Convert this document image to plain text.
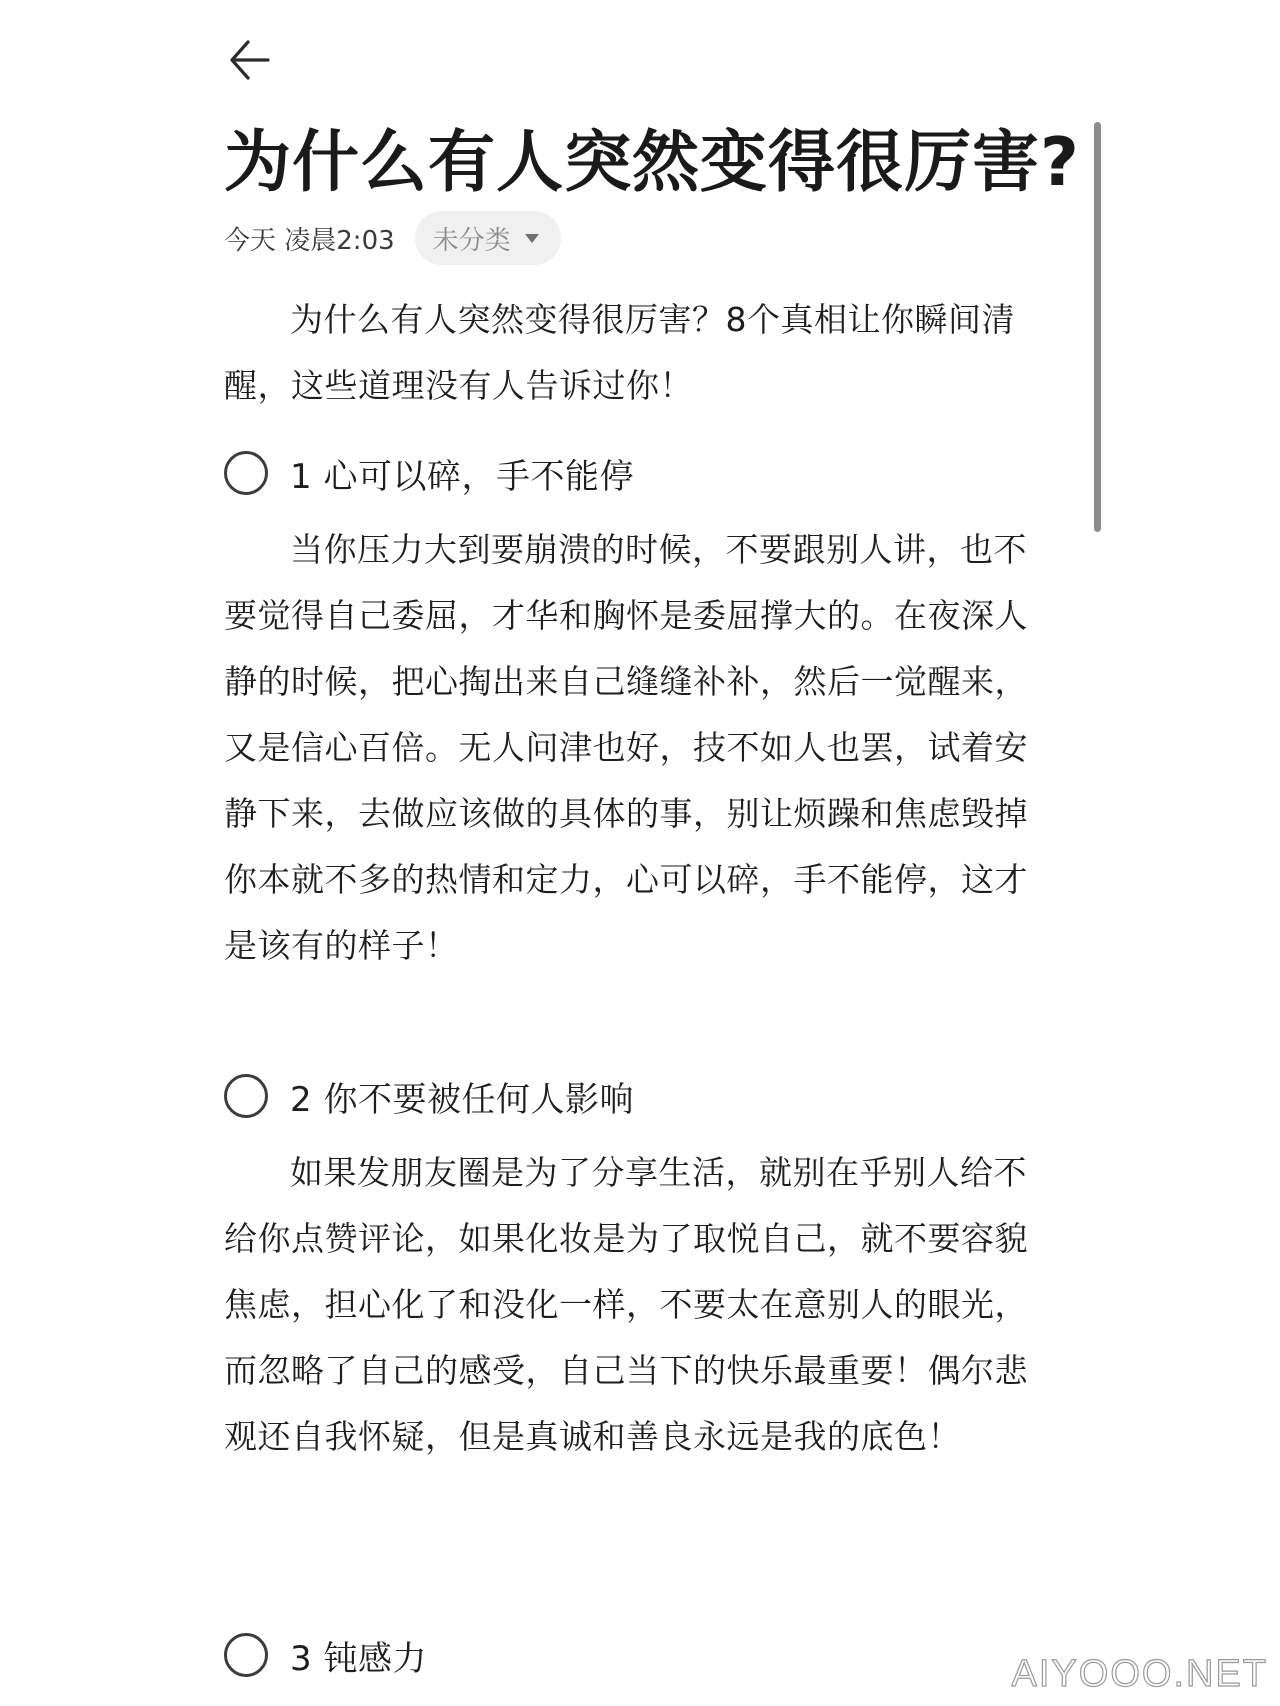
为什么有人突然变得很厉害?
今天 凌晨2:03 未分类

为什么有人突然变得很厉害？8个真相让你瞬间清醒，这些道理没有人告诉过你！

1 心可以碎，手不能停

当你压力大到要崩溃的时候，不要跟别人讲，也不要觉得自己委屈，才华和胸怀是委屈撑大的。在夜深人静的时候，把心掏出来自己缝缝补补，然后一觉醒来，又是信心百倍。无人问津也好，技不如人也罢，试着安静下来，去做应该做的具体的事，别让烦躁和焦虑毁掉你本就不多的热情和定力，心可以碎，手不能停，这才是该有的样子！

2 你不要被任何人影响

如果发朋友圈是为了分享生活，就别在乎别人给不给你点赞评论，如果化妆是为了取悦自己，就不要容貌焦虑，担心化了和没化一样，不要太在意别人的眼光，而忽略了自己的感受，自己当下的快乐最重要！偶尔悲观还自我怀疑，但是真诚和善良永远是我的底色！

3 钝感力	AIYOOO.NET
